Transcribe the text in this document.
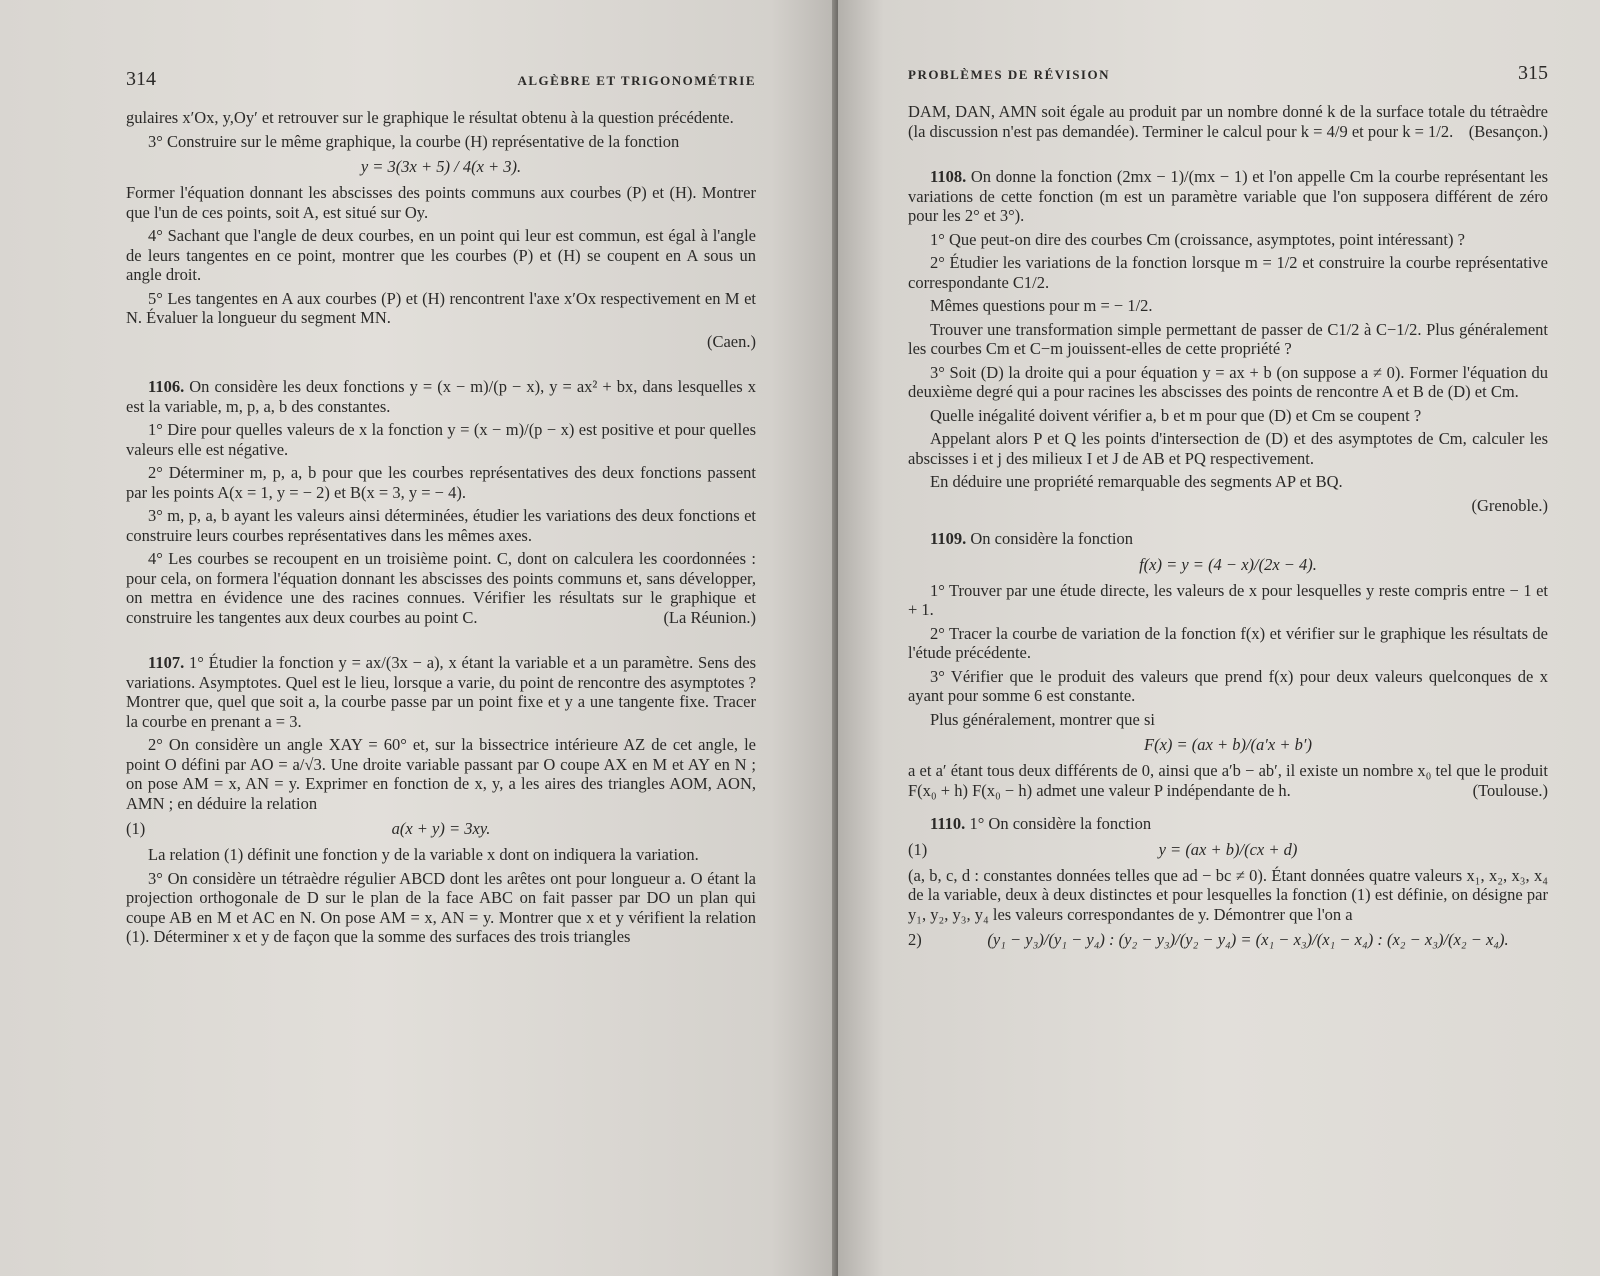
314	ALGÈBRE ET TRIGONOMÉTRIE

gulaires x′Ox, y,Oy′ et retrouver sur le graphique le résultat obtenu à la question précédente.

3° Construire sur le même graphique, la courbe (H) représentative de la fonction

y = 3(3x + 5) / 4(x + 3).

Former l'équation donnant les abscisses des points communs aux courbes (P) et (H). Montrer que l'un de ces points, soit A, est situé sur Oy.

4° Sachant que l'angle de deux courbes, en un point qui leur est commun, est égal à l'angle de leurs tangentes en ce point, montrer que les courbes (P) et (H) se coupent en A sous un angle droit.

5° Les tangentes en A aux courbes (P) et (H) rencontrent l'axe x′Ox respectivement en M et N. Évaluer la longueur du segment MN.

(Caen.)

1106. On considère les deux fonctions y = (x − m)/(p − x), y = ax² + bx, dans lesquelles x est la variable, m, p, a, b des constantes.

1° Dire pour quelles valeurs de x la fonction y = (x − m)/(p − x) est positive et pour quelles valeurs elle est négative.

2° Déterminer m, p, a, b pour que les courbes représentatives des deux fonctions passent par les points A(x = 1, y = − 2) et B(x = 3, y = − 4).

3° m, p, a, b ayant les valeurs ainsi déterminées, étudier les variations des deux fonctions et construire leurs courbes représentatives dans les mêmes axes.

4° Les courbes se recoupent en un troisième point. C, dont on calculera les coordonnées : pour cela, on formera l'équation donnant les abscisses des points communs et, sans développer, on mettra en évidence une des racines connues. Vérifier les résultats sur le graphique et construire les tangentes aux deux courbes au point C.	(La Réunion.)

1107. 1° Étudier la fonction y = ax/(3x − a), x étant la variable et a un paramètre. Sens des variations. Asymptotes. Quel est le lieu, lorsque a varie, du point de rencontre des asymptotes ? Montrer que, quel que soit a, la courbe passe par un point fixe et y a une tangente fixe. Tracer la courbe en prenant a = 3.

2° On considère un angle XAY = 60° et, sur la bissectrice intérieure AZ de cet angle, le point O défini par AO = a/√3. Une droite variable passant par O coupe AX en M et AY en N ; on pose AM = x, AN = y. Exprimer en fonction de x, y, a les aires des triangles AOM, AON, AMN ; en déduire la relation

(1)	a(x + y) = 3xy.

La relation (1) définit une fonction y de la variable x dont on indiquera la variation.

3° On considère un tétraèdre régulier ABCD dont les arêtes ont pour longueur a. O étant la projection orthogonale de D sur le plan de la face ABC on fait passer par DO un plan qui coupe AB en M et AC en N. On pose AM = x, AN = y. Montrer que x et y vérifient la relation (1). Déterminer x et y de façon que la somme des surfaces des trois triangles

PROBLÈMES DE RÉVISION	315

DAM, DAN, AMN soit égale au produit par un nombre donné k de la surface totale du tétraèdre (la discussion n'est pas demandée). Terminer le calcul pour k = 4/9 et pour k = 1/2. (Besançon.)

1108. On donne la fonction (2mx − 1)/(mx − 1) et l'on appelle Cm la courbe représentant les variations de cette fonction (m est un paramètre variable que l'on supposera différent de zéro pour les 2° et 3°).

1° Que peut-on dire des courbes Cm (croissance, asymptotes, point intéressant) ?

2° Étudier les variations de la fonction lorsque m = 1/2 et construire la courbe représentative correspondante C1/2.

Mêmes questions pour m = − 1/2.

Trouver une transformation simple permettant de passer de C1/2 à C−1/2. Plus généralement les courbes Cm et C−m jouissent-elles de cette propriété ?

3° Soit (D) la droite qui a pour équation y = ax + b (on suppose a ≠ 0). Former l'équation du deuxième degré qui a pour racines les abscisses des points de rencontre A et B de (D) et Cm.

Quelle inégalité doivent vérifier a, b et m pour que (D) et Cm se coupent ?

Appelant alors P et Q les points d'intersection de (D) et des asymptotes de Cm, calculer les abscisses i et j des milieux I et J de AB et PQ respectivement.

En déduire une propriété remarquable des segments AP et BQ.

(Grenoble.)

1109. On considère la fonction

f(x) = y = (4 − x)/(2x − 4).

1° Trouver par une étude directe, les valeurs de x pour lesquelles y reste compris entre − 1 et + 1.

2° Tracer la courbe de variation de la fonction f(x) et vérifier sur le graphique les résultats de l'étude précédente.

3° Vérifier que le produit des valeurs que prend f(x) pour deux valeurs quelconques de x ayant pour somme 6 est constante.

Plus généralement, montrer que si

F(x) = (ax + b)/(a′x + b′)

a et a′ étant tous deux différents de 0, ainsi que a′b − ab′, il existe un nombre x₀ tel que le produit F(x₀ + h) F(x₀ − h) admet une valeur P indépendante de h.	(Toulouse.)

1110. 1° On considère la fonction

(1)	y = (ax + b)/(cx + d)

(a, b, c, d : constantes données telles que ad − bc ≠ 0). Étant données quatre valeurs x₁, x₂, x₃, x₄ de la variable, deux à deux distinctes et pour lesquelles la fonction (1) est définie, on désigne par y₁, y₂, y₃, y₄ les valeurs correspondantes de y. Démontrer que l'on a

2)	(y₁ − y₃)/(y₁ − y₄) : (y₂ − y₃)/(y₂ − y₄) = (x₁ − x₃)/(x₁ − x₄) : (x₂ − x₃)/(x₂ − x₄).
